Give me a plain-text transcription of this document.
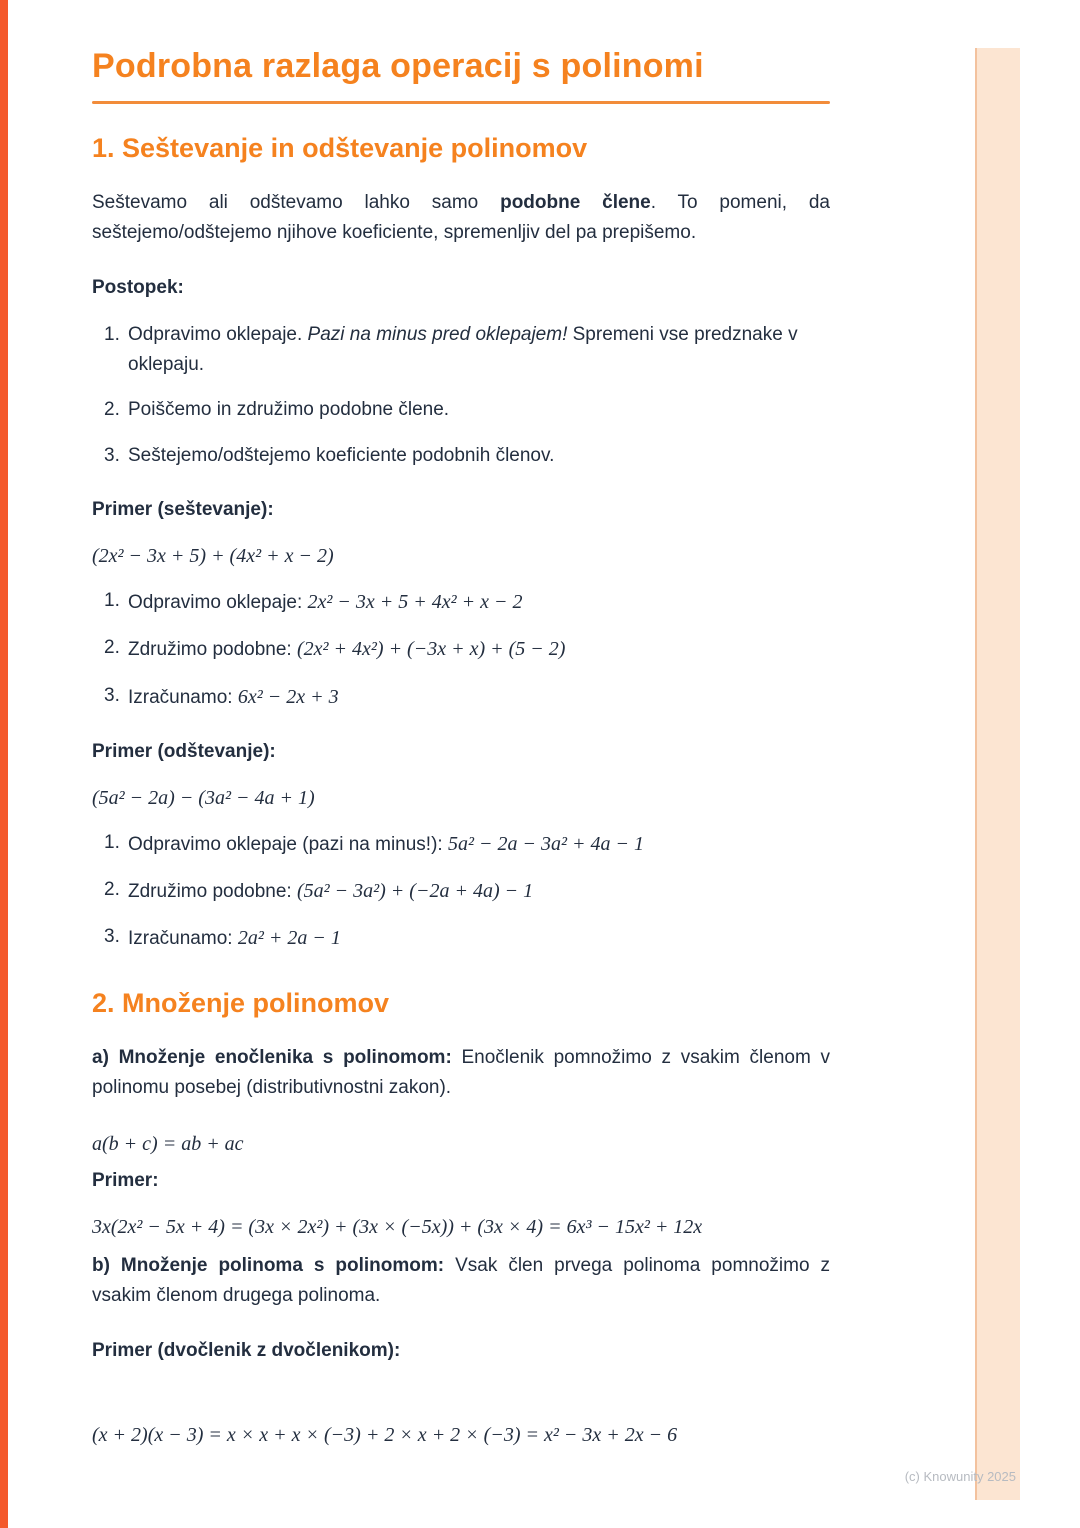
Podrobna razlaga operacij s polinomi
1. Seštevanje in odštevanje polinomov

Seštevamo ali odštevamo lahko samo podobne člene. To pomeni, da seštejemo/odštejemo njihove koeficiente, spremenljiv del pa prepišemo.

Postopek:

Odpravimo oklepaje. Pazi na minus pred oklepajem! Spremeni vse predznake v oklepaju.
Poiščemo in združimo podobne člene.
Seštejemo/odštejemo koeficiente podobnih členov.

Primer (seštevanje):

(2x² − 3x + 5) + (4x² + x − 2)
Odpravimo oklepaje: 2x² − 3x + 5 + 4x² + x − 2
Združimo podobne: (2x² + 4x²) + (−3x + x) + (5 − 2)
Izračunamo: 6x² − 2x + 3

Primer (odštevanje):

(5a² − 2a) − (3a² − 4a + 1)
Odpravimo oklepaje (pazi na minus!): 5a² − 2a − 3a² + 4a − 1
Združimo podobne: (5a² − 3a²) + (−2a + 4a) − 1
Izračunamo: 2a² + 2a − 1
2. Množenje polinomov

a) Množenje enočlenika s polinomom: Enočlenik pomnožimo z vsakim členom v polinomu posebej (distributivnostni zakon).

a(b + c) = ab + ac

Primer:

3x(2x² − 5x + 4) = (3x × 2x²) + (3x × (−5x)) + (3x × 4) = 6x³ − 15x² + 12x

b) Množenje polinoma s polinomom: Vsak člen prvega polinoma pomnožimo z vsakim členom drugega polinoma.

Primer (dvočlenik z dvočlenikom):

(x + 2)(x − 3) = x × x + x × (−3) + 2 × x + 2 × (−3) = x² − 3x + 2x − 6
(c) Knowunity 2025
